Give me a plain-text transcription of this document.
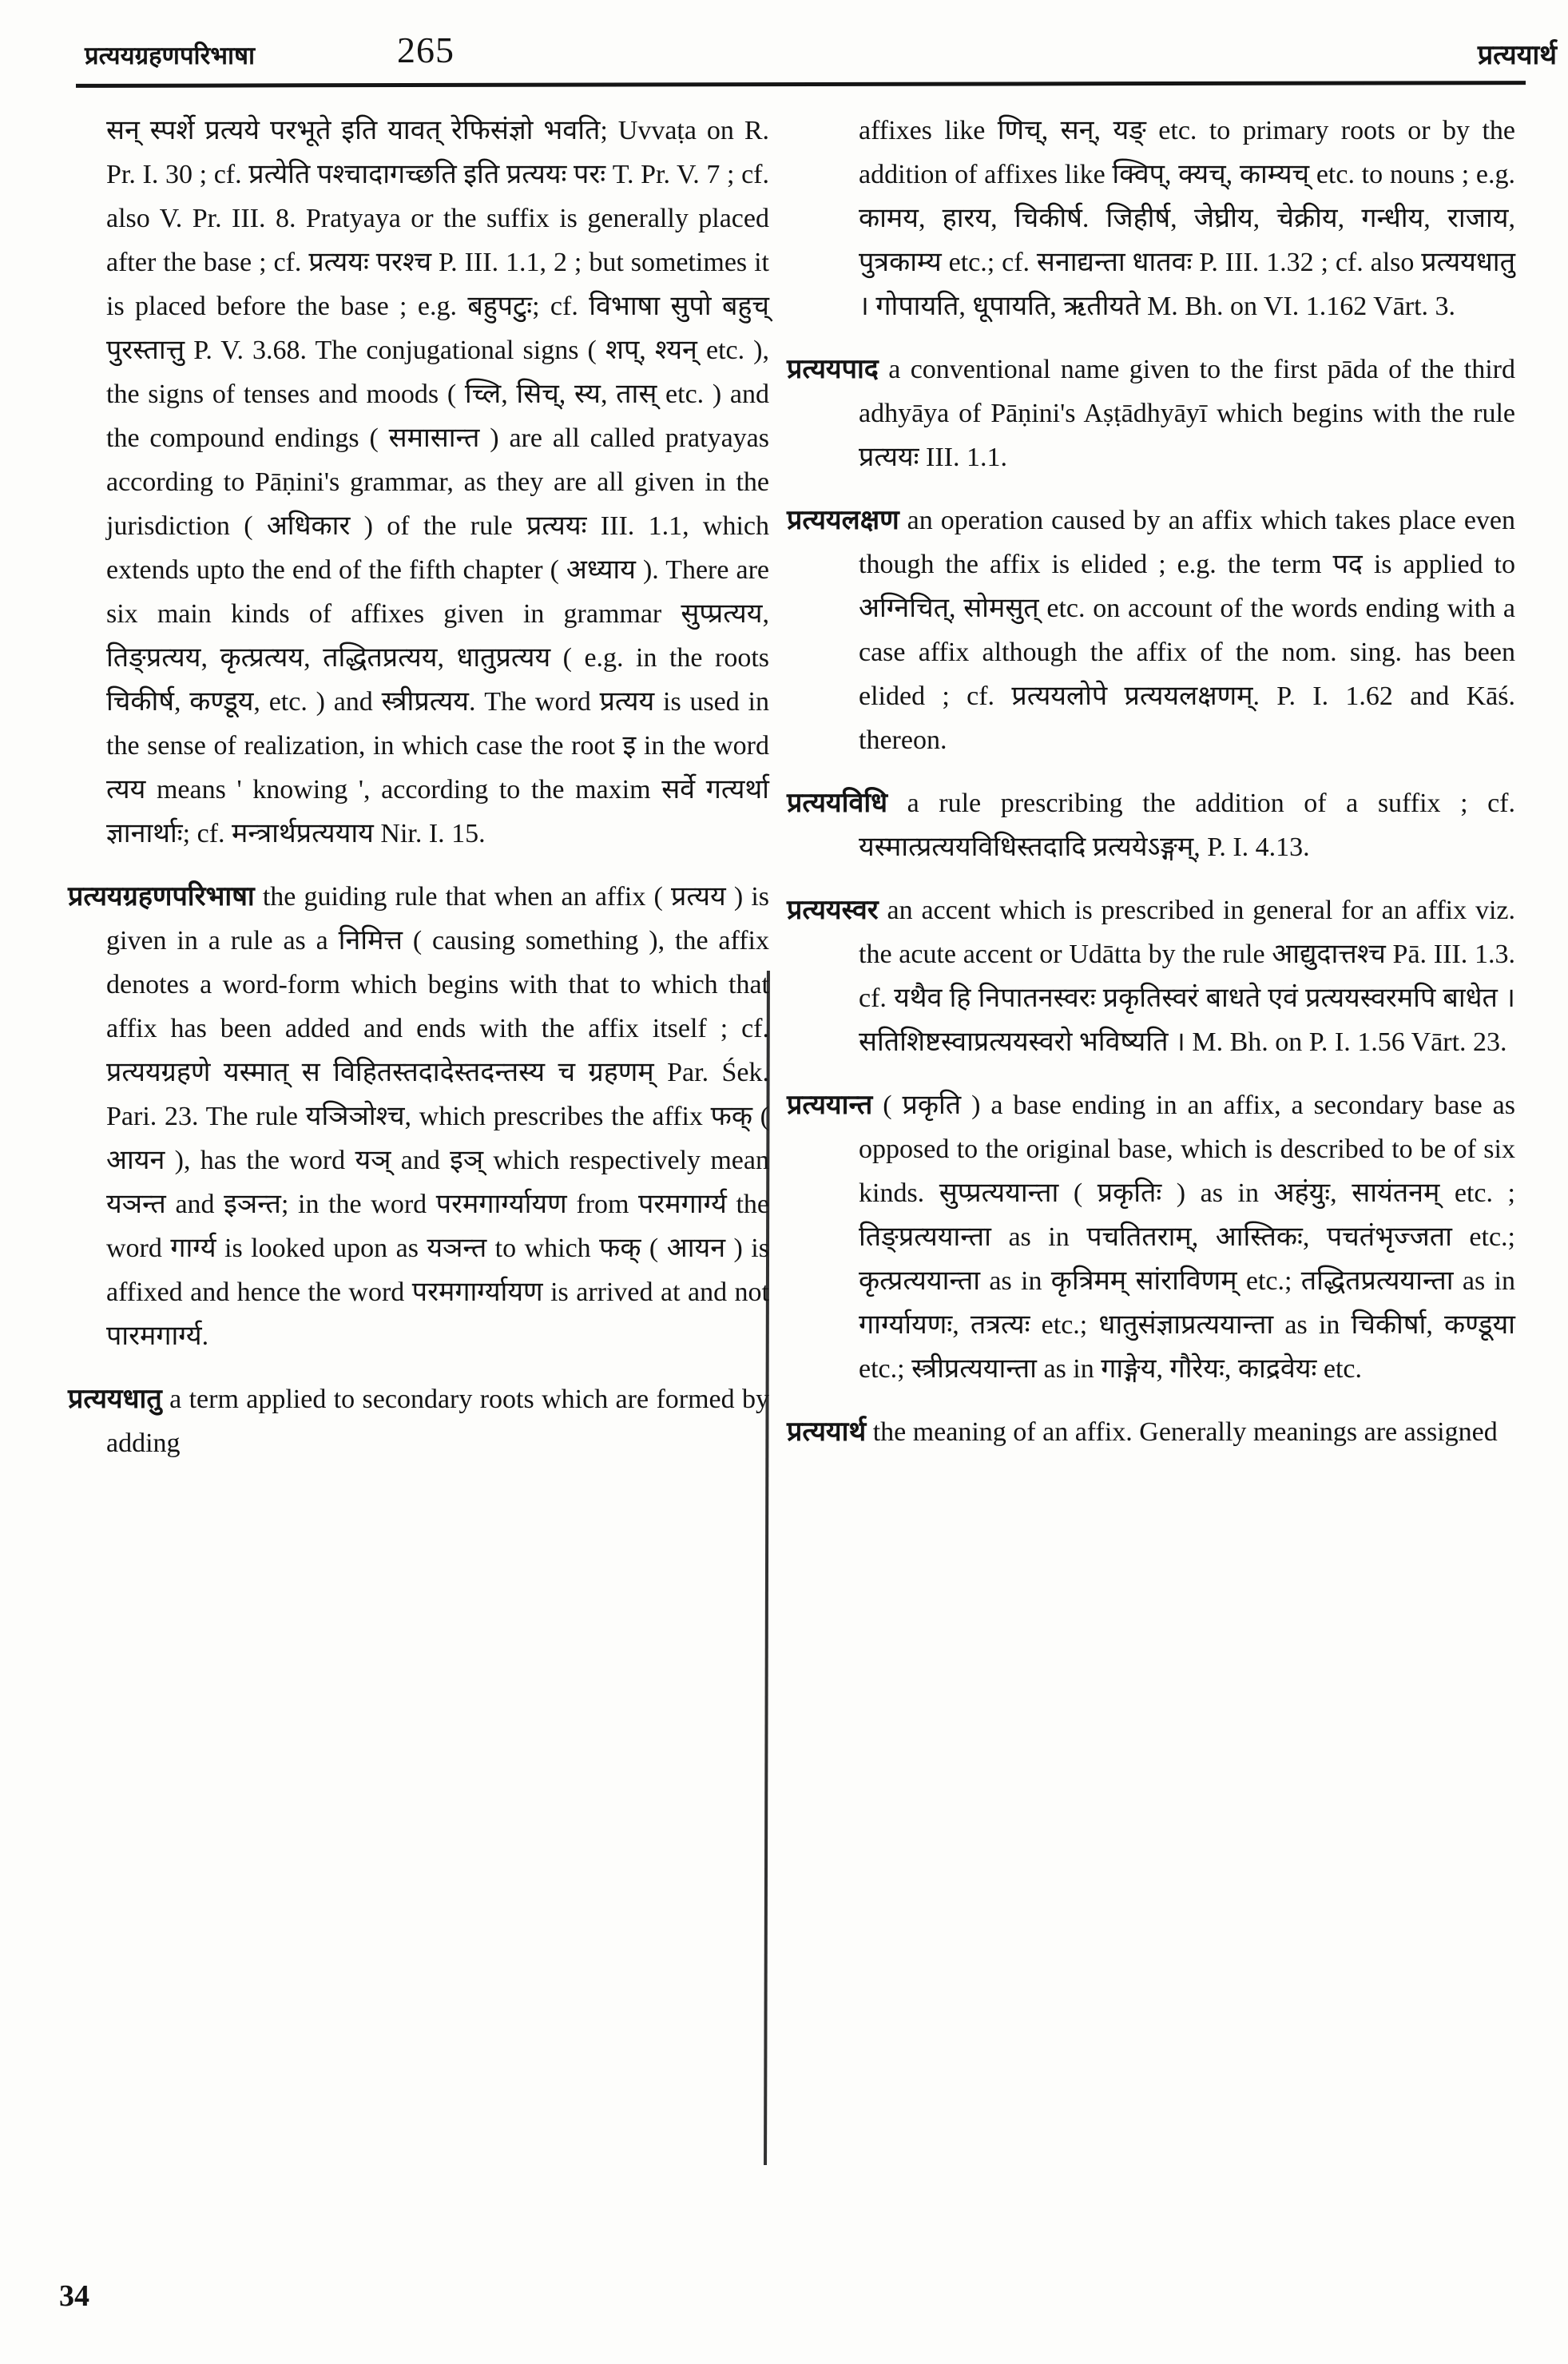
प्रत्ययग्रहणपरिभाषा	265	प्रत्ययार्थ

सन् स्पर्शे प्रत्यये परभूते इति यावत् रेफिसंज्ञो भवति; Uvvaṭa on R. Pr. I. 30 ; cf. प्रत्येति पश्चादागच्छति इति प्रत्ययः परः T. Pr. V. 7 ; cf. also V. Pr. III. 8. Pratyaya or the suffix is generally placed after the base ; cf. प्रत्ययः परश्च P. III. 1.1, 2 ; but sometimes it is placed before the base ; e.g. बहुपटुः; cf. विभाषा सुपो बहुच् पुरस्तात्तु P. V. 3.68. The conjugational signs ( शप्, श्यन् etc. ), the signs of tenses and moods ( च्लि, सिच्, स्य, तास् etc. ) and the compound endings ( समासान्त ) are all called pratyayas according to Pāṇini's grammar, as they are all given in the jurisdiction ( अधिकार ) of the rule प्रत्ययः III. 1.1, which extends upto the end of the fifth chapter ( अध्याय ). There are six main kinds of affixes given in grammar सुप्प्रत्यय, तिङ्प्रत्यय, कृत्प्रत्यय, तद्धितप्रत्यय, धातुप्रत्यय ( e.g. in the roots चिकीर्ष, कण्डूय, etc. ) and स्त्रीप्रत्यय. The word प्रत्यय is used in the sense of realization, in which case the root इ in the word त्यय means ' knowing ', according to the maxim सर्वे गत्यर्था ज्ञानार्थाः; cf. मन्त्रार्थप्रत्ययाय Nir. I. 15.

प्रत्ययग्रहणपरिभाषा the guiding rule that when an affix ( प्रत्यय ) is given in a rule as a निमित्त ( causing something ), the affix denotes a word-form which begins with that to which that affix has been added and ends with the affix itself ; cf. प्रत्ययग्रहणे यस्मात् स विहितस्तदादेस्तदन्तस्य च ग्रहणम् Par. Śek. Pari. 23. The rule यञिञोश्च, which prescribes the affix फक् ( आयन ), has the word यञ् and इञ् which respectively mean यञन्त and इञन्त; in the word परमगार्ग्यायण from परमगार्ग्य the word गार्ग्य is looked upon as यञन्त to which फक् ( आयन ) is affixed and hence the word परमगार्ग्यायण is arrived at and not पारमगार्ग्य.

प्रत्ययधातु a term applied to secondary roots which are formed by adding

affixes like णिच्, सन्, यङ् etc. to primary roots or by the addition of affixes like क्विप्, क्यच्, काम्यच् etc. to nouns ; e.g. कामय, हारय, चिकीर्ष. जिहीर्ष, जेघ्रीय, चेक्रीय, गन्धीय, राजाय, पुत्रकाम्य etc.; cf. सनाद्यन्ता धातवः P. III. 1.32 ; cf. also प्रत्ययधातु । गोपायति, धूपायति, ऋतीयते M. Bh. on VI. 1.162 Vārt. 3.

प्रत्ययपाद a conventional name given to the first pāda of the third adhyāya of Pāṇini's Aṣṭādhyāyī which begins with the rule प्रत्ययः III. 1.1.

प्रत्ययलक्षण an operation caused by an affix which takes place even though the affix is elided ; e.g. the term पद is applied to अग्निचित्, सोमसुत् etc. on account of the words ending with a case affix although the affix of the nom. sing. has been elided ; cf. प्रत्ययलोपे प्रत्ययलक्षणम्. P. I. 1.62 and Kāś. thereon.

प्रत्ययविधि a rule prescribing the addition of a suffix ; cf. यस्मात्प्रत्ययविधिस्तदादि प्रत्ययेऽङ्गम्, P. I. 4.13.

प्रत्ययस्वर an accent which is prescribed in general for an affix viz. the acute accent or Udātta by the rule आद्युदात्तश्च Pā. III. 1.3. cf. यथैव हि निपातनस्वरः प्रकृतिस्वरं बाधते एवं प्रत्ययस्वरमपि बाधेत । सतिशिष्टस्वाप्रत्ययस्वरो भविष्यति । M. Bh. on P. I. 1.56 Vārt. 23.

प्रत्ययान्त ( प्रकृति ) a base ending in an affix, a secondary base as opposed to the original base, which is described to be of six kinds. सुप्प्रत्ययान्ता ( प्रकृतिः ) as in अहंयुः, सायंतनम् etc. ; तिङ्प्रत्ययान्ता as in पचतितराम्, आस्तिकः, पचतंभृज्जता etc.; कृत्प्रत्ययान्ता as in कृत्रिमम् सांराविणम् etc.; तद्धितप्रत्ययान्ता as in गार्ग्यायणः, तत्रत्यः etc.; धातुसंज्ञाप्रत्ययान्ता as in चिकीर्षा, कण्डूया etc.; स्त्रीप्रत्ययान्ता as in गाङ्गेय, गौरेयः, काद्रवेयः etc.

प्रत्ययार्थ the meaning of an affix. Generally meanings are assigned

34
